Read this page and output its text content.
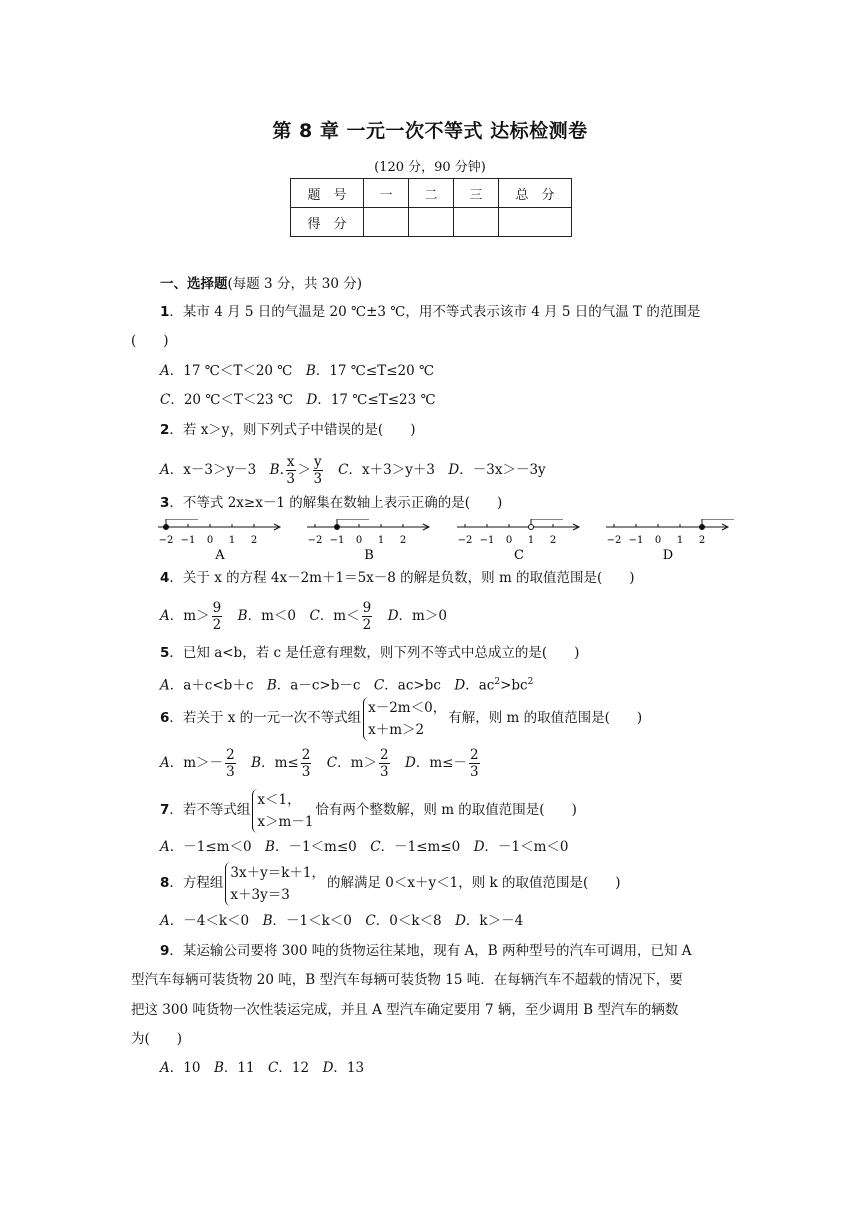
第 8 章 一元一次不等式 达标检测卷
(120 分，90 分钟)
题　号	一	二	三	总　分
得　分				
一、选择题(每题 3 分，共 30 分)
1．某市 4 月 5 日的气温是 20 ℃±3 ℃，用不等式表示该市 4 月 5 日的气温 T 的范围是
(　　)
A．17 ℃＜T＜20 ℃　 B．17 ℃≤T≤20 ℃
C．20 ℃＜T＜23 ℃　 D．17 ℃≤T≤23 ℃
2．若 x＞y，则下列式子中错误的是(　　)
A．x－3＞y－3　 B. $\frac{x}{3} > \frac{y}{3}$
　 C．x＋3＞y＋3　 D．－3x＞－3y
3．不等式 2x≥x－1 的解集在数轴上表示正确的是(　　)
−2 −1 0 1 2
A
−2 −1 0 1 2
B
−2 −1 0 1 2
C
−2 −1 0 1 2
D
4．关于 x 的方程 4x－2m＋1＝5x－8 的解是负数，则 m 的取值范围是(　　)
A．$m> \frac{9}{2}$
　 B．m＜0　 C．$m< \frac{9}{2}$
　 D．m＞0
5．已知 a<b，若 c 是任意有理数，则下列不等式中总成立的是(　　)
A．a＋c<b＋c　 B．a－c>b－c　 C．ac>bc　 D．$ac^2>bc^2$
6．若关于 x 的一元一次不等式组
x－2m＜0，
x＋m＞2
有解，则 m 的取值范围是(　　)
A．$m>- \frac{2}{3}$
　 B．$m\le \frac{2}{3}$
　 C．$m> \frac{2}{3}$
　 D．$m\le- \frac{2}{3}$
7．若不等式组
x＜1，
x＞m－1
恰有两个整数解，则 m 的取值范围是(　　)
A．－1≤m＜0　 B．－1＜m≤0　 C．－1≤m≤0　 D．－1＜m＜0
8．方程组
3x＋y＝k＋1，
x＋3y＝3
的解满足 0＜x＋y＜1，则 k 的取值范围是(　　)
A．－4＜k＜0　 B．－1＜k＜0　 C．0＜k＜8　 D．k＞－4
9．某运输公司要将 300 吨的货物运往某地，现有 A，B 两种型号的汽车可调用，已知 A
型汽车每辆可装货物 20 吨，B 型汽车每辆可装货物 15 吨．在每辆汽车不超载的情况下，要
把这 300 吨货物一次性装运完成，并且 A 型汽车确定要用 7 辆，至少调用 B 型汽车的辆数
为(　　)
A．10　 B．11　 C．12　 D．13
